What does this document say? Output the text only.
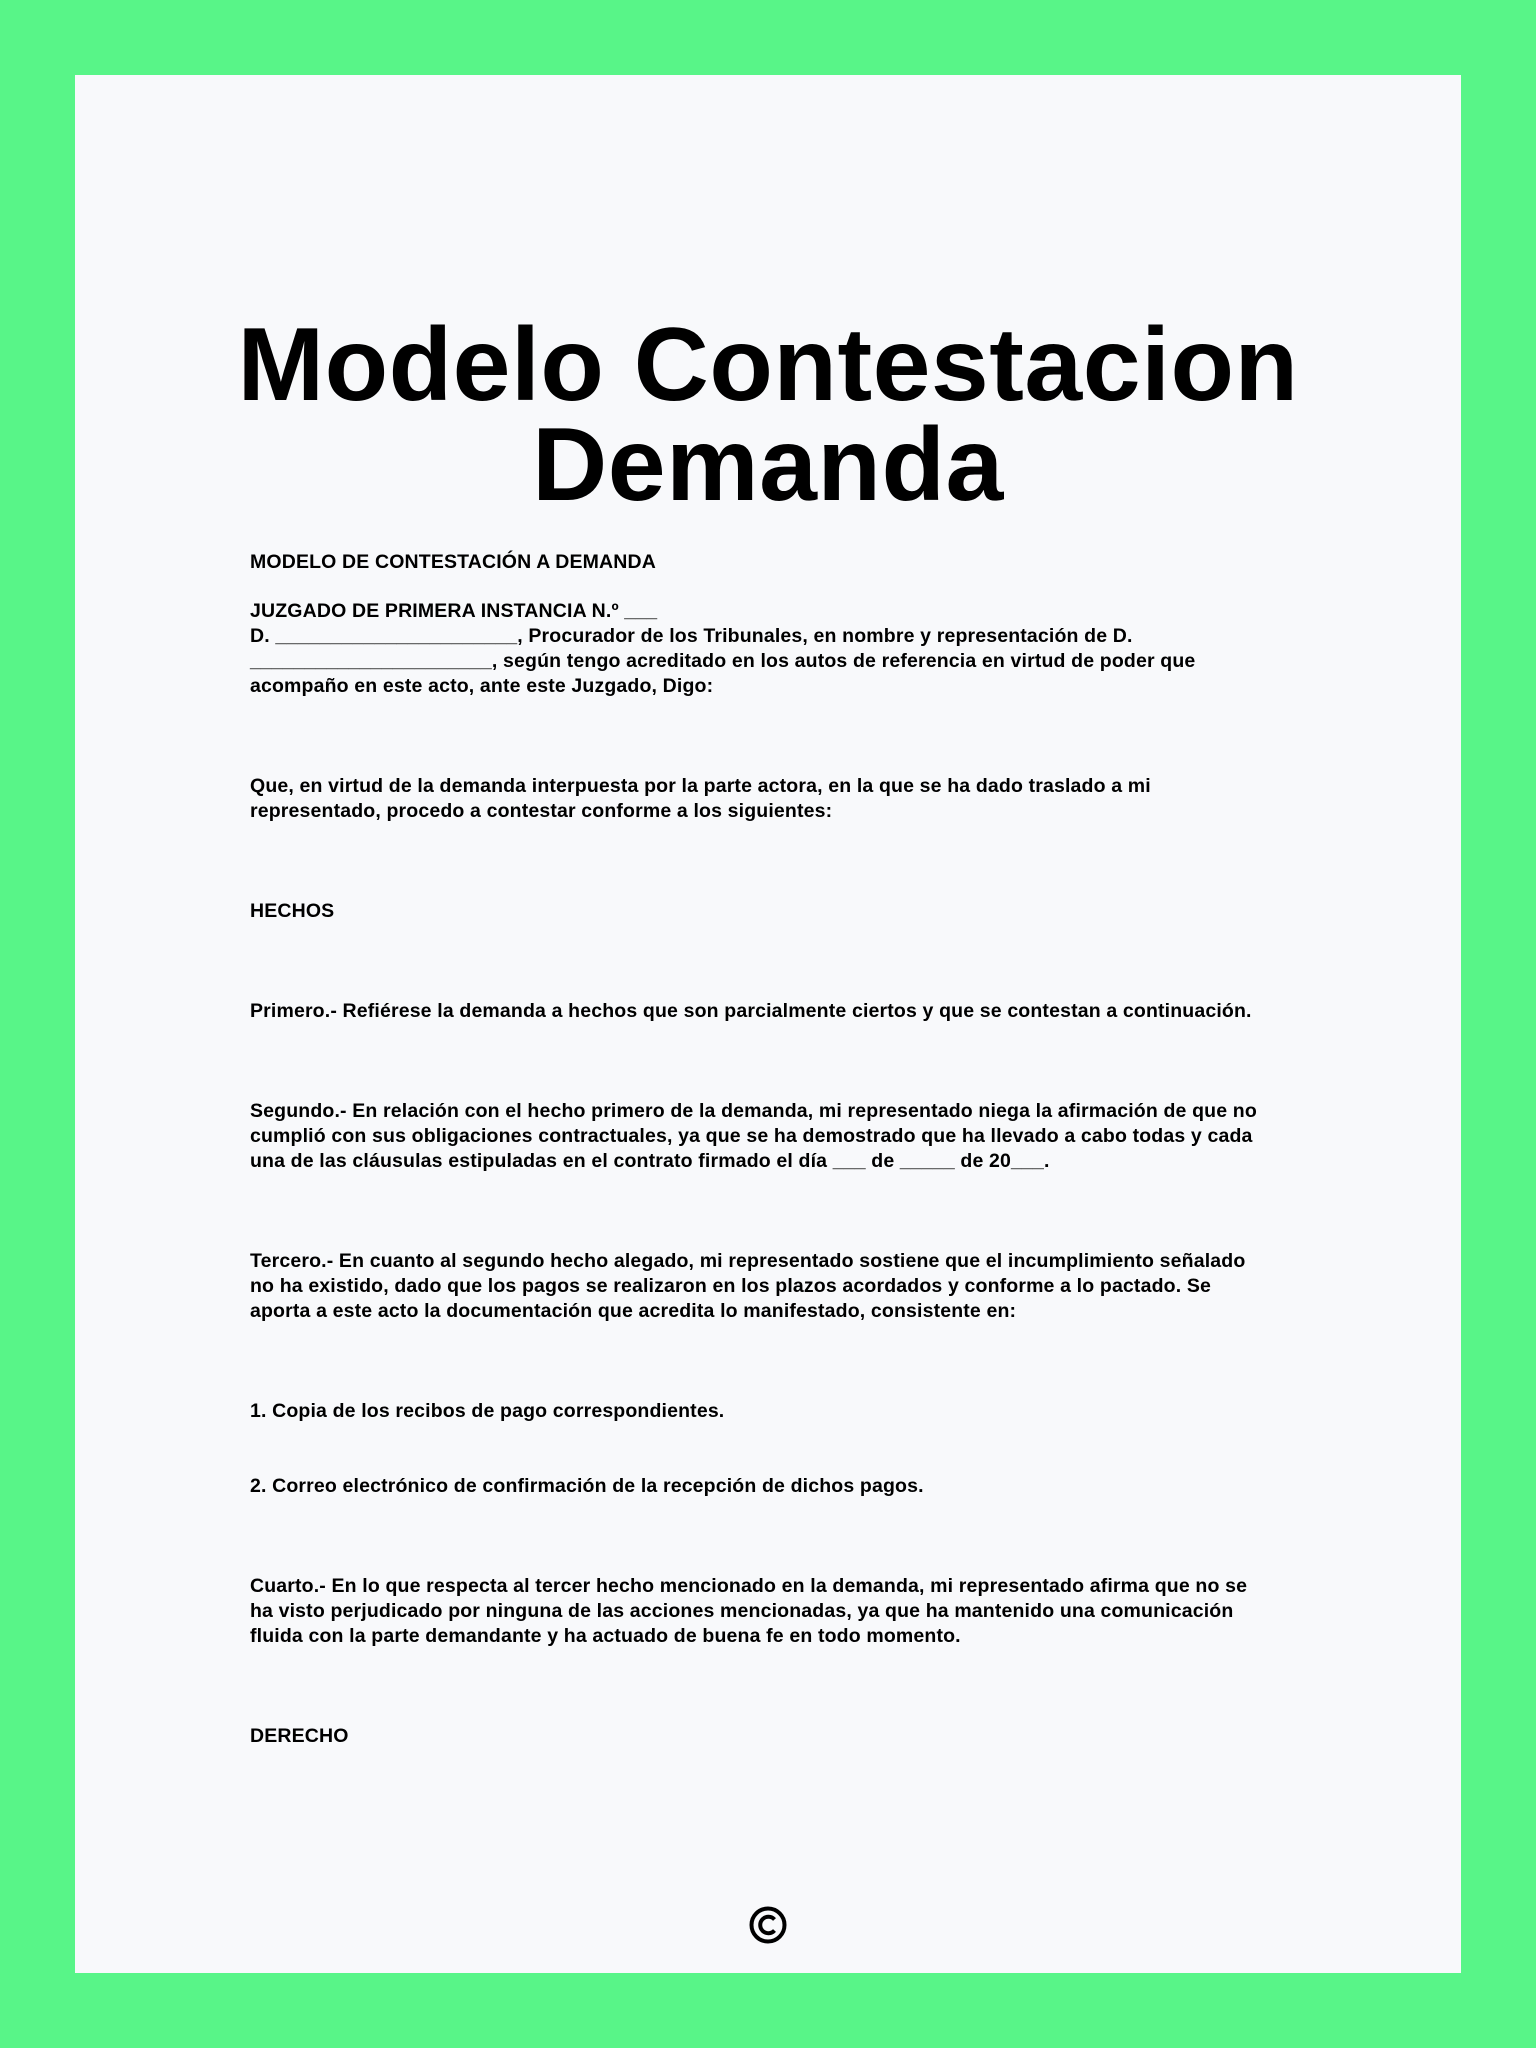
Modelo Contestacion
Demanda

MODELO DE CONTESTACIÓN A DEMANDA

JUZGADO DE PRIMERA INSTANCIA N.º ___

D. ______________________, Procurador de los Tribunales, en nombre y representación de D.
______________________, según tengo acreditado en los autos de referencia en virtud de poder que
acompaño en este acto, ante este Juzgado, Digo:

Que, en virtud de la demanda interpuesta por la parte actora, en la que se ha dado traslado a mi
representado, procedo a contestar conforme a los siguientes:

HECHOS

Primero.- Refiérese la demanda a hechos que son parcialmente ciertos y que se contestan a continuación.

Segundo.- En relación con el hecho primero de la demanda, mi representado niega la afirmación de que no
cumplió con sus obligaciones contractuales, ya que se ha demostrado que ha llevado a cabo todas y cada
una de las cláusulas estipuladas en el contrato firmado el día ___ de _____ de 20___.

Tercero.- En cuanto al segundo hecho alegado, mi representado sostiene que el incumplimiento señalado
no ha existido, dado que los pagos se realizaron en los plazos acordados y conforme a lo pactado. Se
aporta a este acto la documentación que acredita lo manifestado, consistente en:

1. Copia de los recibos de pago correspondientes.

2. Correo electrónico de confirmación de la recepción de dichos pagos.

Cuarto.- En lo que respecta al tercer hecho mencionado en la demanda, mi representado afirma que no se
ha visto perjudicado por ninguna de las acciones mencionadas, ya que ha mantenido una comunicación
fluida con la parte demandante y ha actuado de buena fe en todo momento.

DERECHO
